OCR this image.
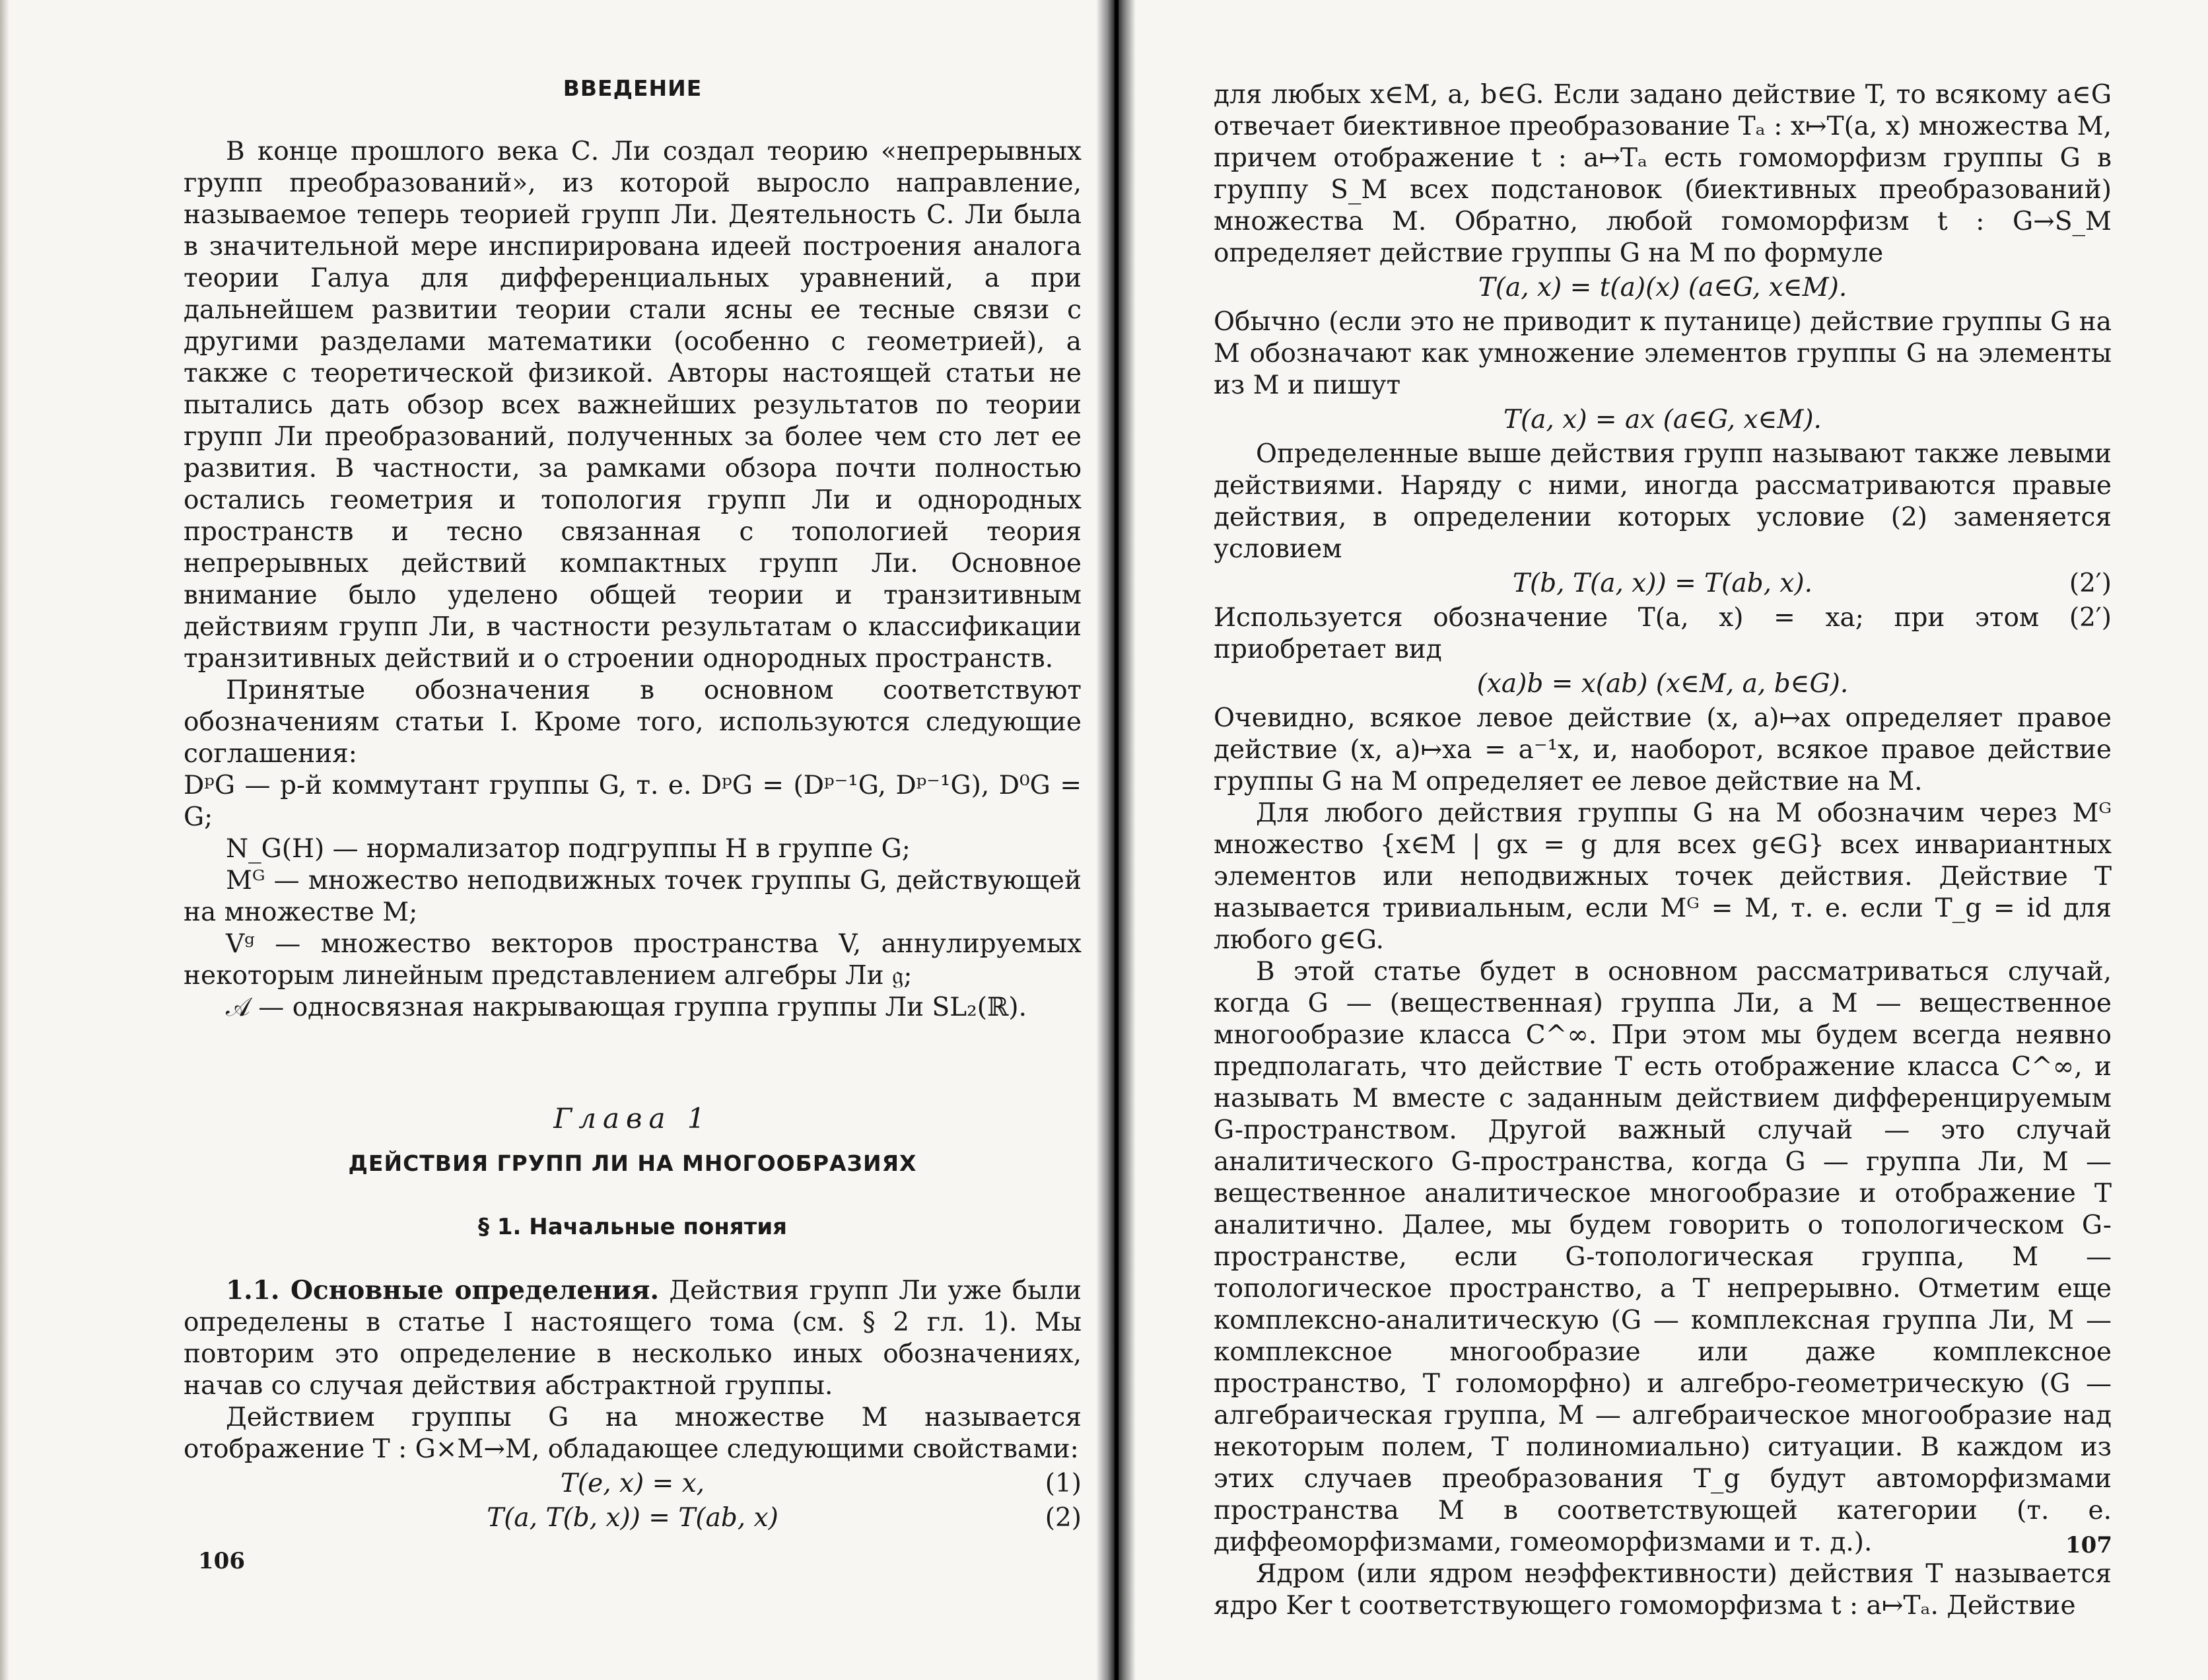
ВВЕДЕНИЕ

В конце прошлого века С. Ли создал теорию «непрерывных групп преобразований», из которой выросло направление, называемое теперь теорией групп Ли. Деятельность С. Ли была в значительной мере инспирирована идеей построения аналога теории Галуа для дифференциальных уравнений, а при дальнейшем развитии теории стали ясны ее тесные связи с другими разделами математики (особенно с геометрией), а также с теоретической физикой. Авторы настоящей статьи не пытались дать обзор всех важнейших результатов по теории групп Ли преобразований, полученных за более чем сто лет ее развития. В частности, за рамками обзора почти полностью остались геометрия и топология групп Ли и однородных пространств и тесно связанная с топологией теория непрерывных действий компактных групп Ли. Основное внимание было уделено общей теории и транзитивным действиям групп Ли, в частности результатам о классификации транзитивных действий и о строении однородных пространств.

Принятые обозначения в основном соответствуют обозначениям статьи I. Кроме того, используются следующие соглашения:

DᵖG — p-й коммутант группы G, т. е. DᵖG = (Dᵖ⁻¹G, Dᵖ⁻¹G), D⁰G = G;

N_G(H) — нормализатор подгруппы H в группе G;

Mᴳ — множество неподвижных точек группы G, действующей на множестве M;

Vᵍ — множество векторов пространства V, аннулируемых некоторым линейным представлением алгебры Ли 𝔤;

𝒜 — односвязная накрывающая группа группы Ли SL₂(ℝ).

Глава 1

ДЕЙСТВИЯ ГРУПП ЛИ НА МНОГООБРАЗИЯХ

§ 1. Начальные понятия

1.1. Основные определения. Действия групп Ли уже были определены в статье I настоящего тома (см. § 2 гл. 1). Мы повторим это определение в несколько иных обозначениях, начав со случая действия абстрактной группы.

Действием группы G на множестве M называется отображение T : G×M→M, обладающее следующими свойствами:

T(e, x) = x,	(1)
T(a, T(b, x)) = T(ab, x)	(2)
106

для любых x∈M, a, b∈G. Если задано действие T, то всякому a∈G отвечает биективное преобразование Tₐ : x↦T(a, x) множества M, причем отображение t : a↦Tₐ есть гомоморфизм группы G в группу S_M всех подстановок (биективных преобразований) множества M. Обратно, любой гомоморфизм t : G→S_M определяет действие группы G на M по формуле

T(a, x) = t(a)(x) (a∈G, x∈M).

Обычно (если это не приводит к путанице) действие группы G на M обозначают как умножение элементов группы G на элементы из M и пишут

T(a, x) = ax (a∈G, x∈M).

Определенные выше действия групп называют также левыми действиями. Наряду с ними, иногда рассматриваются правые действия, в определении которых условие (2) заменяется условием

T(b, T(a, x)) = T(ab, x).	(2′)

Используется обозначение T(a, x) = xa; при этом (2′) приобретает вид

(xa)b = x(ab) (x∈M, a, b∈G).

Очевидно, всякое левое действие (x, a)↦ax определяет правое действие (x, a)↦xa = a⁻¹x, и, наоборот, всякое правое действие группы G на M определяет ее левое действие на M.

Для любого действия группы G на M обозначим через Mᴳ множество {x∈M | gx = g для всех g∈G} всех инвариантных элементов или неподвижных точек действия. Действие T называется тривиальным, если Mᴳ = M, т. е. если T_g = id для любого g∈G.

В этой статье будет в основном рассматриваться случай, когда G — (вещественная) группа Ли, а M — вещественное многообразие класса C^∞. При этом мы будем всегда неявно предполагать, что действие T есть отображение класса C^∞, и называть M вместе с заданным действием дифференцируемым G-пространством. Другой важный случай — это случай аналитического G-пространства, когда G — группа Ли, M — вещественное аналитическое многообразие и отображение T аналитично. Далее, мы будем говорить о топологическом G-пространстве, если G-топологическая группа, M — топологическое пространство, а T непрерывно. Отметим еще комплексно-аналитическую (G — комплексная группа Ли, M — комплексное многообразие или даже комплексное пространство, T голоморфно) и алгебро-геометрическую (G — алгебраическая группа, M — алгебраическое многообразие над некоторым полем, T полиномиально) ситуации. В каждом из этих случаев преобразования T_g будут автоморфизмами пространства M в соответствующей категории (т. е. диффеоморфизмами, гомеоморфизмами и т. д.).

Ядром (или ядром неэффективности) действия T называется ядро Ker t соответствующего гомоморфизма t : a↦Tₐ. Действие

107
